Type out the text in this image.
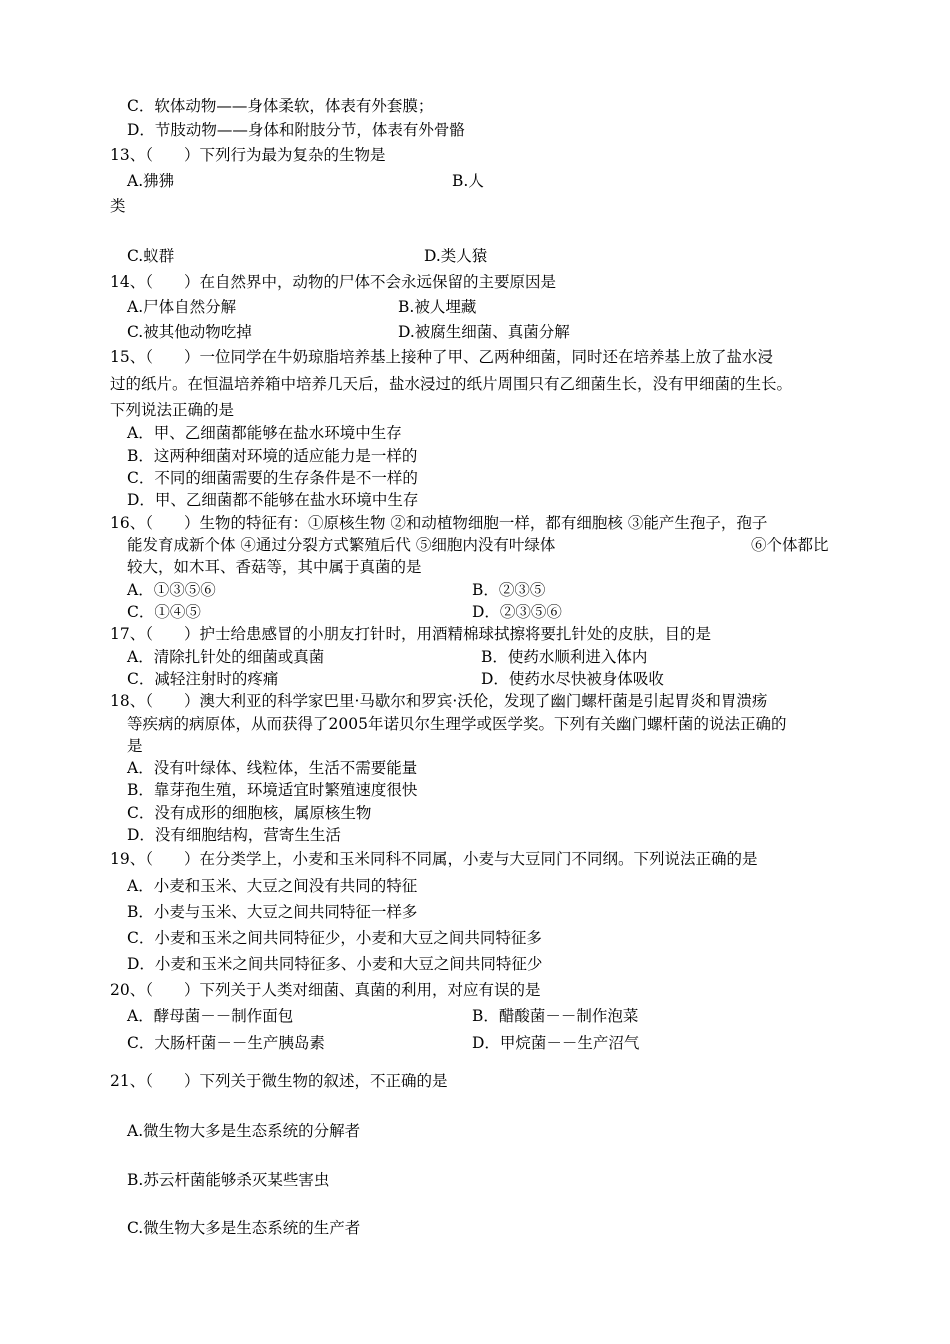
C．软体动物——身体柔软，体表有外套膜；
D．节肢动物——身体和附肢分节，体表有外骨骼
13、（　　）下列行为最为复杂的生物是
A.狒狒	B.人
类
C.蚁群	D.类人猿
14、（　　）在自然界中，动物的尸体不会永远保留的主要原因是
A.尸体自然分解	B.被人埋藏
C.被其他动物吃掉	D.被腐生细菌、真菌分解
15、（　　）一位同学在牛奶琼脂培养基上接种了甲、乙两种细菌，同时还在培养基上放了盐水浸
过的纸片。在恒温培养箱中培养几天后，盐水浸过的纸片周围只有乙细菌生长，没有甲细菌的生长。
下列说法正确的是
A．甲、乙细菌都能够在盐水环境中生存
B．这两种细菌对环境的适应能力是一样的
C．不同的细菌需要的生存条件是不一样的
D．甲、乙细菌都不能够在盐水环境中生存
16、（　　）生物的特征有：①原核生物 ②和动植物细胞一样，都有细胞核 ③能产生孢子，孢子
能发育成新个体 ④通过分裂方式繁殖后代 ⑤细胞内没有叶绿体	⑥个体都比
较大，如木耳、香菇等，其中属于真菌的是
A．①③⑤⑥	B．②③⑤
C．①④⑤	D．②③⑤⑥
17、（　　）护士给患感冒的小朋友打针时，用酒精棉球拭擦将要扎针处的皮肤，目的是
A．清除扎针处的细菌或真菌	B．使药水顺利进入体内
C．减轻注射时的疼痛	D．使药水尽快被身体吸收
18、（　　）澳大利亚的科学家巴里·马歇尔和罗宾·沃伦，发现了幽门螺杆菌是引起胃炎和胃溃疡
等疾病的病原体，从而获得了2005年诺贝尔生理学或医学奖。下列有关幽门螺杆菌的说法正确的
是
A．没有叶绿体、线粒体，生活不需要能量
B．靠芽孢生殖，环境适宜时繁殖速度很快
C．没有成形的细胞核，属原核生物
D．没有细胞结构，营寄生生活
19、（　　）在分类学上，小麦和玉米同科不同属，小麦与大豆同门不同纲。下列说法正确的是
A．小麦和玉米、大豆之间没有共同的特征
B．小麦与玉米、大豆之间共同特征一样多
C．小麦和玉米之间共同特征少，小麦和大豆之间共同特征多
D．小麦和玉米之间共同特征多、小麦和大豆之间共同特征少
20、（　　）下列关于人类对细菌、真菌的利用，对应有误的是
A．酵母菌－－制作面包	B．醋酸菌－－制作泡菜
C．大肠杆菌－－生产胰岛素	D．甲烷菌－－生产沼气
21、（　　）下列关于微生物的叙述，不正确的是
A.微生物大多是生态系统的分解者
B.苏云杆菌能够杀灭某些害虫
C.微生物大多是生态系统的生产者
